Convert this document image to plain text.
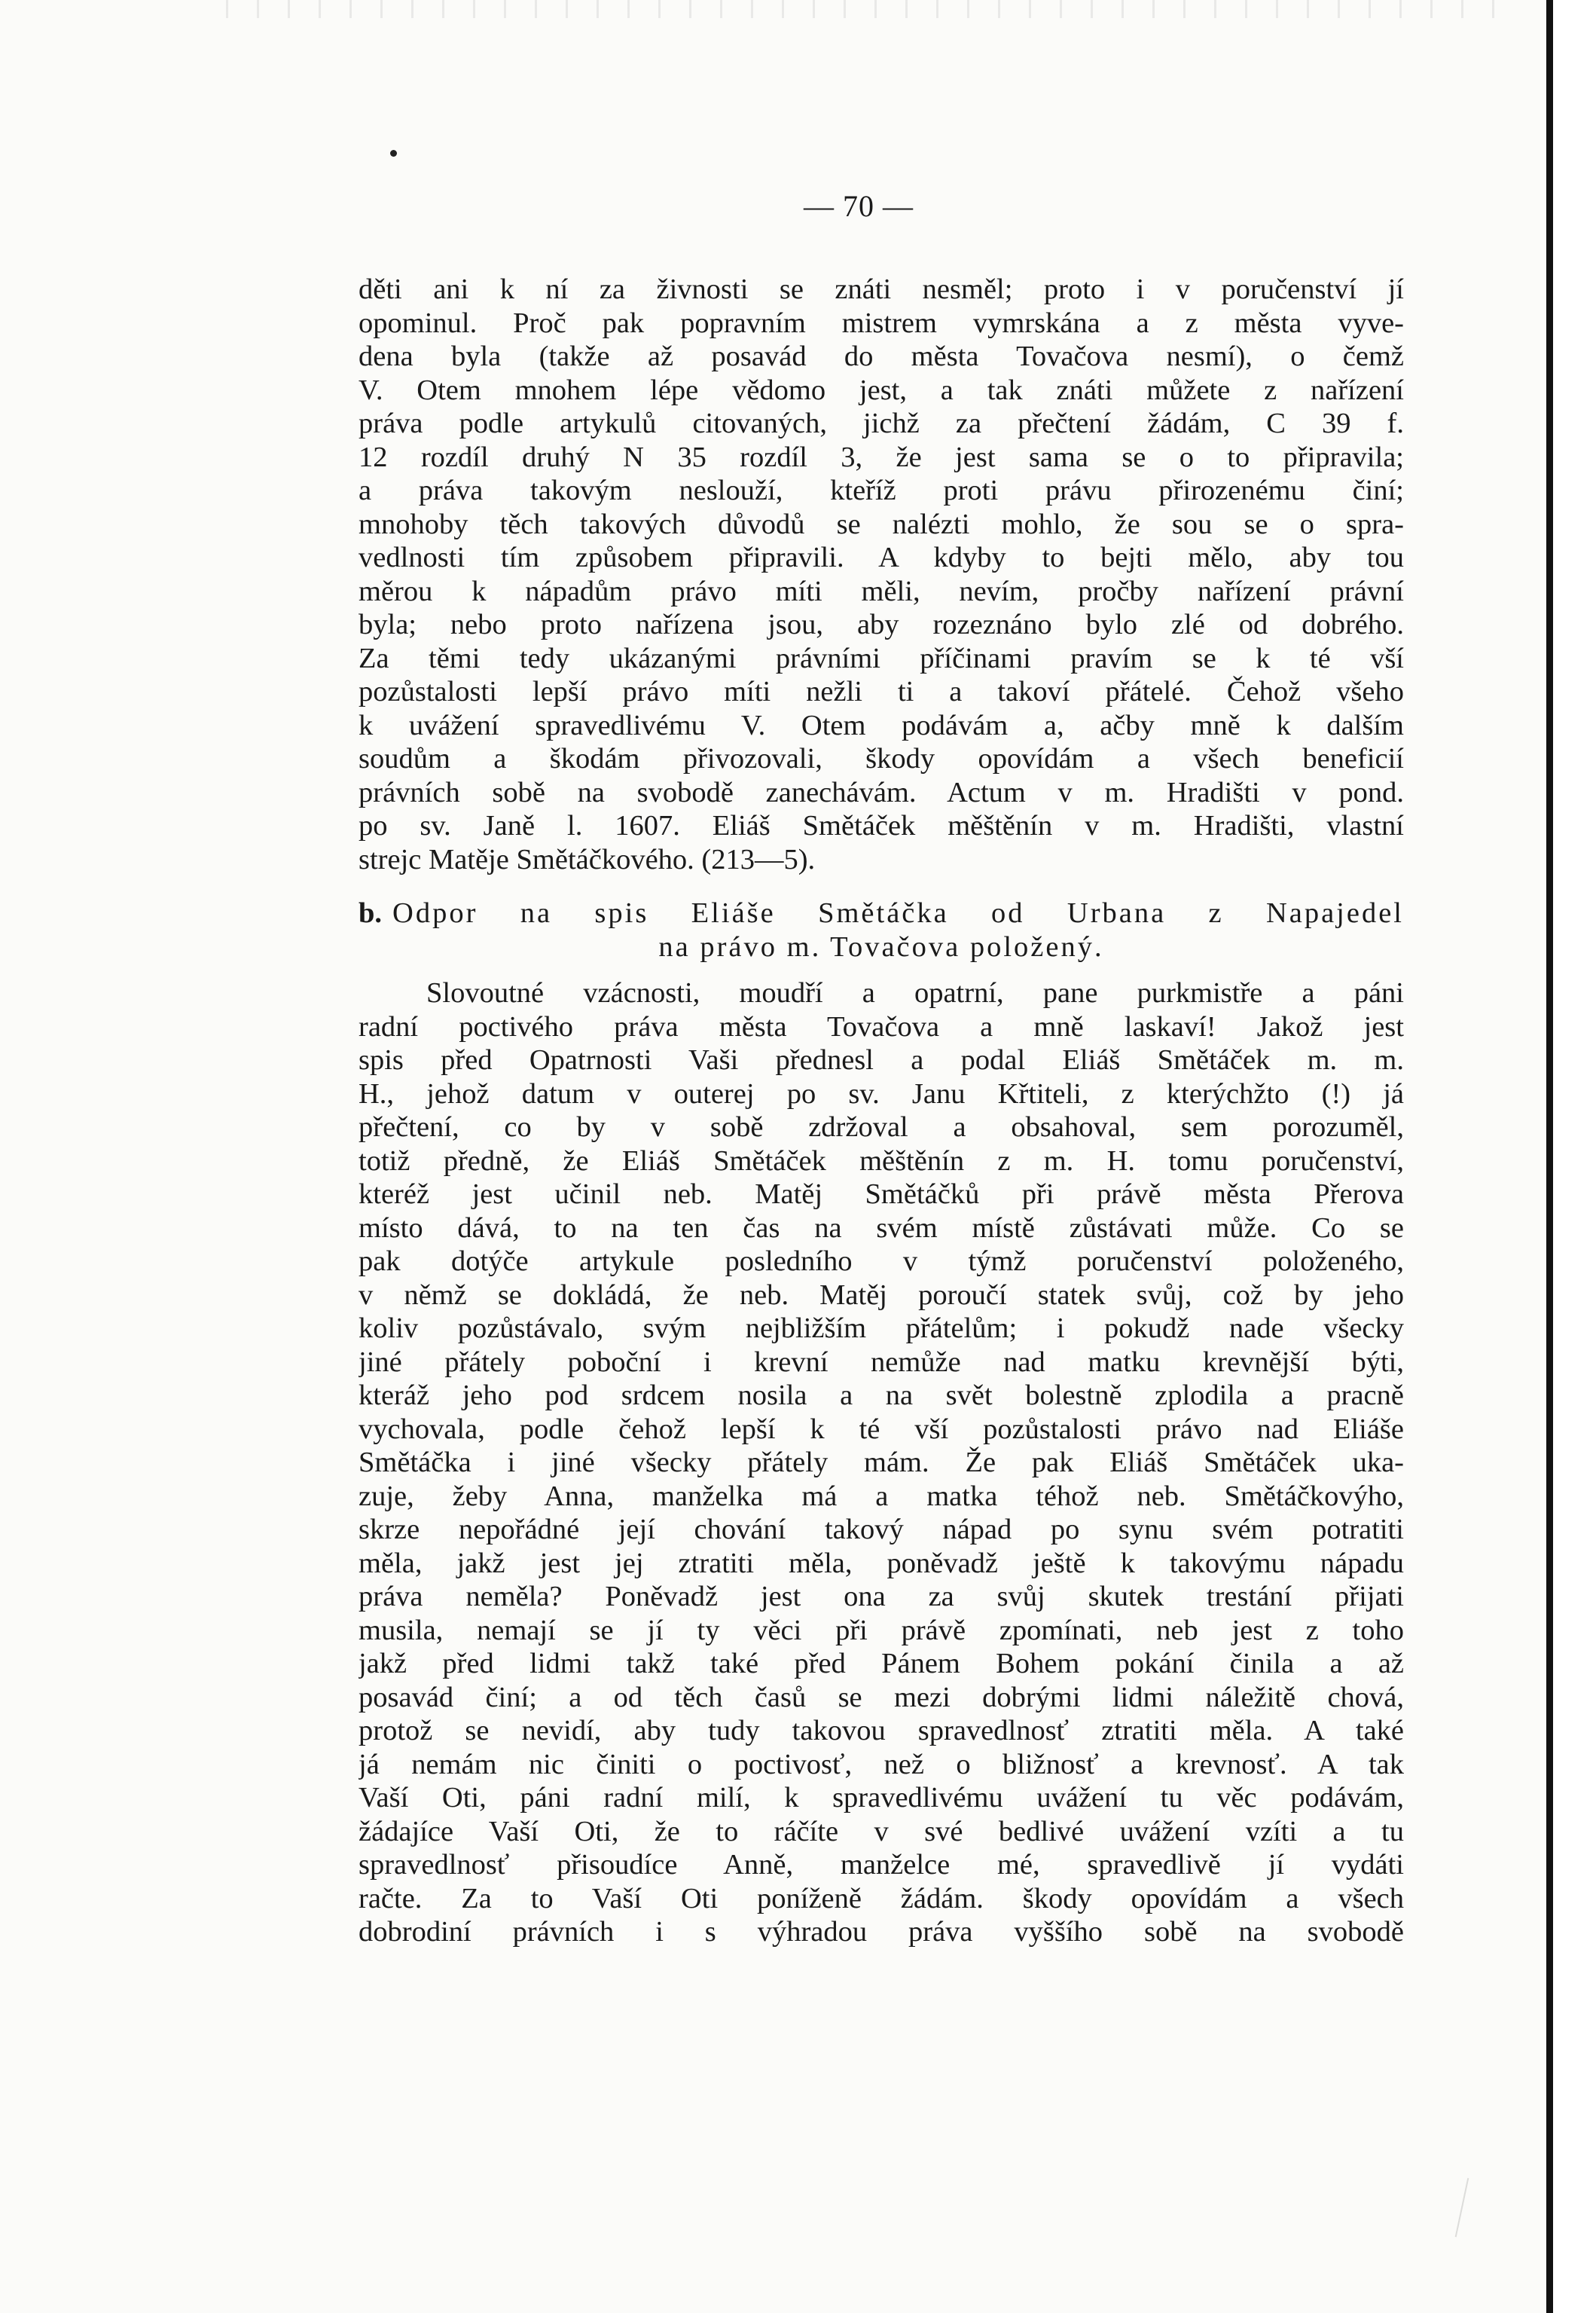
— 70 —
děti ani k ní za živnosti se znáti nesměl; proto i v poručenství jí
opominul. Proč pak popravním mistrem vymrskána a z města vyve-
dena byla (takže až posavád do města Tovačova nesmí), o čemž
V. Otem mnohem lépe vědomo jest, a tak znáti můžete z nařízení
práva podle artykulů citovaných, jichž za přečtení žádám, C 39 f.
12 rozdíl druhý N 35 rozdíl 3, že jest sama se o to připravila;
a práva takovým neslouží, kteříž proti právu přirozenému činí;
mnohoby těch takových důvodů se nalézti mohlo, že sou se o spra-
vedlnosti tím způsobem připravili. A kdyby to bejti mělo, aby tou
měrou k nápadům právo míti měli, nevím, pročby nařízení právní
byla; nebo proto nařízena jsou, aby rozeznáno bylo zlé od dobrého.
Za těmi tedy ukázanými právními příčinami pravím se k té vší
pozůstalosti lepší právo míti nežli ti a takoví přátelé. Čehož všeho
k uvážení spravedlivému V. Otem podávám a, ačby mně k dalším
soudům a škodám přivozovali, škody opovídám a všech beneficií
právních sobě na svobodě zanechávám. Actum v m. Hradišti v pond.
po sv. Janě l. 1607. Eliáš Smětáček měštěnín v m. Hradišti, vlastní
strejc Matěje Smětáčkového. (213—5).
b. Odpor na spis Eliáše Smětáčka od Urbana z Napajedel
na právo m. Tovačova položený.
Slovoutné vzácnosti, moudří a opatrní, pane purkmistře a páni
radní poctivého práva města Tovačova a mně laskaví! Jakož jest
spis před Opatrnosti Vaši přednesl a podal Eliáš Smětáček m. m.
H., jehož datum v outerej po sv. Janu Křtiteli, z kterýchžto (!) já
přečtení, co by v sobě zdržoval a obsahoval, sem porozuměl,
totiž předně, že Eliáš Smětáček měštěnín z m. H. tomu poručenství,
kteréž jest učinil neb. Matěj Smětáčků při právě města Přerova
místo dává, to na ten čas na svém místě zůstávati může. Co se
pak dotýče artykule posledního v týmž poručenství položeného,
v němž se dokládá, že neb. Matěj poroučí statek svůj, což by jeho
koliv pozůstávalo, svým nejbližším přátelům; i pokudž nade všecky
jiné přátely poboční i krevní nemůže nad matku krevnější býti,
kteráž jeho pod srdcem nosila a na svět bolestně zplodila a pracně
vychovala, podle čehož lepší k té vší pozůstalosti právo nad Eliáše
Smětáčka i jiné všecky přátely mám. Že pak Eliáš Smětáček uka-
zuje, žeby Anna, manželka má a matka téhož neb. Smětáčkovýho,
skrze nepořádné její chování takový nápad po synu svém potratiti
měla, jakž jest jej ztratiti měla, poněvadž ještě k takovýmu nápadu
práva neměla? Poněvadž jest ona za svůj skutek trestání přijati
musila, nemají se jí ty věci při právě zpomínati, neb jest z toho
jakž před lidmi takž také před Pánem Bohem pokání činila a až
posavád činí; a od těch časů se mezi dobrými lidmi náležitě chová,
protož se nevidí, aby tudy takovou spravedlnosť ztratiti měla. A také
já nemám nic činiti o poctivosť, než o bližnosť a krevnosť. A tak
Vaší Oti, páni radní milí, k spravedlivému uvážení tu věc podávám,
žádajíce Vaší Oti, že to ráčíte v své bedlivé uvážení vzíti a tu
spravedlnosť přisoudíce Anně, manželce mé, spravedlivě jí vydáti
račte. Za to Vaší Oti poníženě žádám. škody opovídám a všech
dobrodiní právních i s výhradou práva vyššího sobě na svobodě
